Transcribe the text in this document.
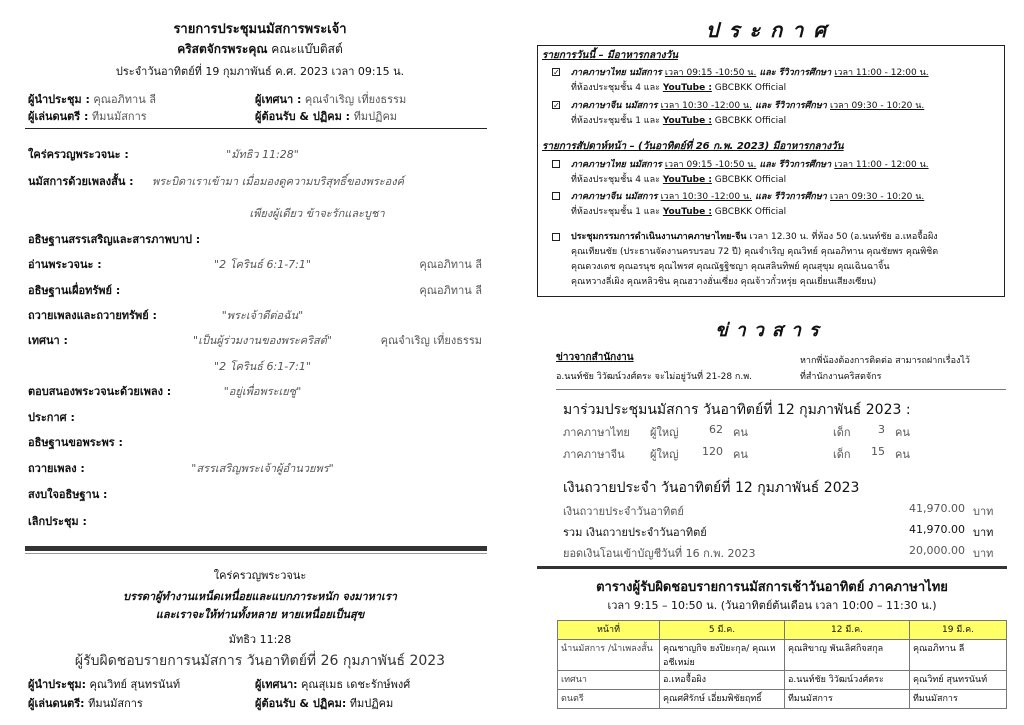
รายการประชุมนมัสการพระเจ้า
คริสตจักรพระคุณ คณะแบ๊บติสต์
ประจำวันอาทิตย์ที่ 19 กุมภาพันธ์ ค.ศ. 2023 เวลา 09:15 น.
ผู้นำประชุม : คุณอภิทาน ลี	ผู้เทศนา : คุณจำเริญ เที่ยงธรรม
ผู้เล่นดนตรี : ทีมนมัสการ	ผู้ต้อนรับ & ปฏิคม : ทีมปฏิคม
ใคร่ครวญพระวจนะ :	"มัทธิว 11:28"
นมัสการด้วยเพลงสั้น : พระบิดาเราเข้ามา เมื่อมองดูความบริสุทธิ์ของพระองค์
เพียงผู้เดียว ข้าจะรักและบูชา
อธิษฐานสรรเสริญและสารภาพบาป :
อ่านพระวจนะ :	"2 โครินธ์ 6:1-7:1"	คุณอภิทาน ลี
อธิษฐานเผื่อทรัพย์ :	คุณอภิทาน ลี
ถวายเพลงและถวายทรัพย์ :	"พระเจ้าดีต่อฉัน"
เทศนา :	"เป็นผู้ร่วมงานของพระคริสต์"	คุณจำเริญ เที่ยงธรรม
"2 โครินธ์ 6:1-7:1"
ตอบสนองพระวจนะด้วยเพลง :	"อยู่เพื่อพระเยซู"
ประกาศ :
อธิษฐานขอพระพร :
ถวายเพลง :	"สรรเสริญพระเจ้าผู้อำนวยพร"
สงบใจอธิษฐาน :
เลิกประชุม :
ใคร่ครวญพระวจนะ
บรรดาผู้ทำงานเหน็ดเหนื่อยและแบกภาระหนัก จงมาหาเรา
และเราจะให้ท่านทั้งหลาย หายเหนื่อยเป็นสุข
มัทธิว 11:28
ผู้รับผิดชอบรายการนมัสการ วันอาทิตย์ที่ 26 กุมภาพันธ์ 2023
ผู้นำประชุม: คุณวิทย์ สุนทรนันท์	ผู้เทศนา: คุณสุเมธ เดชะรักษ์พงศ์
ผู้เล่นดนตรี: ทีมนมัสการ	ผู้ต้อนรับ & ปฏิคม: ทีมปฏิคม
ประกาศ
รายการวันนี้ – มีอาหารกลางวัน
✓ ภาคภาษาไทย นมัสการ เวลา 09:15 -10:50 น. และ รีวิวการศึกษา เวลา 11:00 - 12:00 น.
ที่ห้องประชุมชั้น 4 และ YouTube : GBCBKK Official
✓ ภาคภาษาจีน นมัสการ เวลา 10:30 -12:00 น. และ รีวิวการศึกษา เวลา 09:30 - 10:20 น.
ที่ห้องประชุมชั้น 1 และ YouTube : GBCBKK Official
รายการสัปดาห์หน้า – (วันอาทิตย์ที่ 26 ก.พ. 2023) มีอาหารกลางวัน
ภาคภาษาไทย นมัสการ เวลา 09:15 -10:50 น. และ รีวิวการศึกษา เวลา 11:00 - 12:00 น.
ที่ห้องประชุมชั้น 4 และ YouTube : GBCBKK Official
ภาคภาษาจีน นมัสการ เวลา 10:30 -12:00 น. และ รีวิวการศึกษา เวลา 09:30 - 10:20 น.
ที่ห้องประชุมชั้น 1 และ YouTube : GBCBKK Official
ประชุมกรรมการดำเนินงานภาคภาษาไทย-จีน เวลา 12.30 น. ที่ห้อง 50 (อ.นนท์ชัย อ.เหอจื้อผิง
คุณเทียนชัย (ประธานจัดงานครบรอบ 72 ปี) คุณจำเริญ คุณวิทย์ คุณอภิทาน คุณชัยพร คุณพิชิต
คุณดวงเดช คุณอรนุช คุณไพรศ คุณณัฐฐิชญา คุณสลินทิพย์ คุณสุขุม คุณเฉินฉาจิ้น
คุณหวางลี่เผิง คุณหลิวชิน คุณฮวางฮั่นเซี่ยง คุณจ้าวกั๋วหรุ่ย คุณเยี่ยนเสียงเซียน)
ข่าวสาร
ข่าวจากสำนักงาน
อ.นนท์ชัย วิวัฒน์วงศ์ตระ จะไม่อยู่วันที่ 21-28 ก.พ.
หากพี่น้องต้องการติดต่อ สามารถฝากเรื่องไว้
ที่สำนักงานคริสตจักร
มาร่วมประชุมนมัสการ วันอาทิตย์ที่ 12 กุมภาพันธ์ 2023 :
ภาคภาษาไทย ผู้ใหญ่	62 คน	เด็ก	3 คน
ภาคภาษาจีน ผู้ใหญ่	120 คน	เด็ก	15 คน
เงินถวายประจำ วันอาทิตย์ที่ 12 กุมภาพันธ์ 2023
เงินถวายประจำวันอาทิตย์	41,970.00 บาท
รวม เงินถวายประจำวันอาทิตย์	41,970.00 บาท
ยอดเงินโอนเข้าบัญชีวันที่ 16 ก.พ. 2023	20,000.00 บาท
ตารางผู้รับผิดชอบรายการนมัสการเช้าวันอาทิตย์ ภาคภาษาไทย
เวลา 9:15 – 10:50 น. (วันอาทิตย์ต้นเดือน เวลา 10:00 – 11:30 น.)
หน้าที่	5 มี.ค.	12 มี.ค.	19 มี.ค.
นำนมัสการ /นำเพลงสั้น	คุณชาญกิจ ยงปิยะกุล/ คุณเหอชีเหม่ย	คุณสิขาญ พันเลิศกิจสกุล	คุณอภิทาน ลี
เทศนา	อ.เหอจื้อผิง	อ.นนท์ชัย วิวัฒน์วงศ์ตระ	คุณวิทย์ สุนทรนันท์
ดนตรี	คุณศศิรักษ์ เอี่ยมพิชัยฤทธิ์	ทีมนมัสการ	ทีมนมัสการ
